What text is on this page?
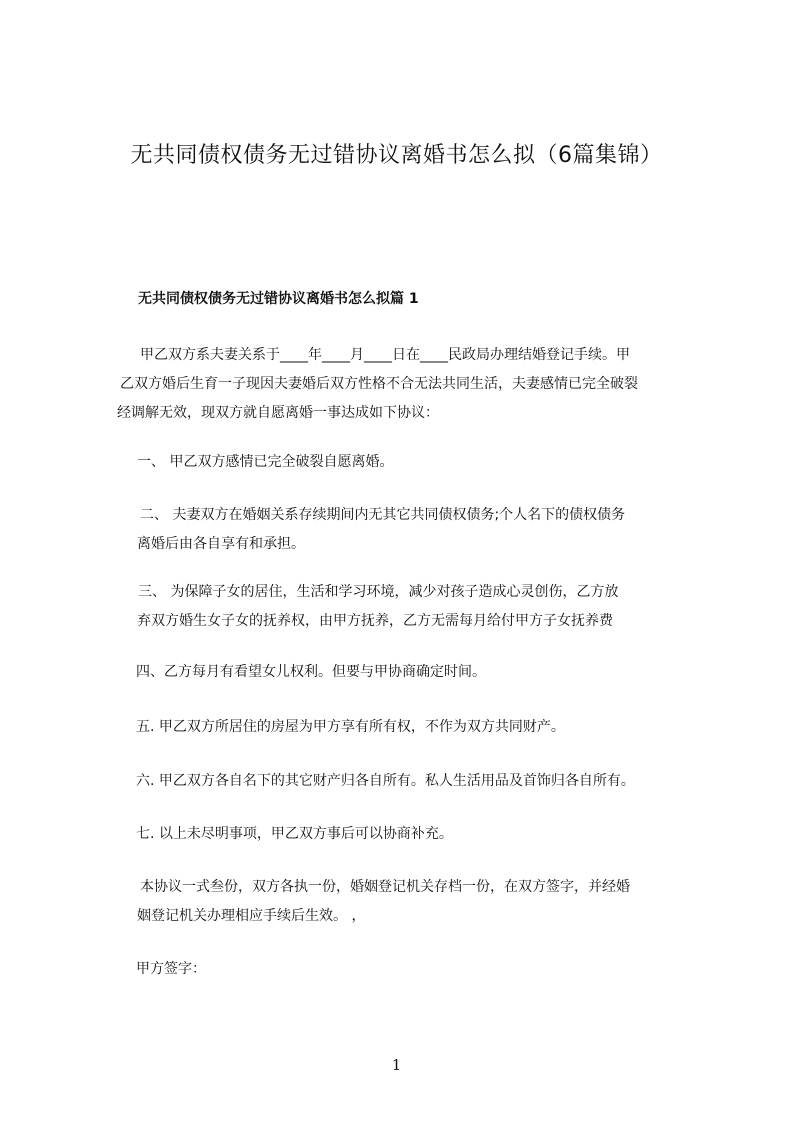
无共同债权债务无过错协议离婚书怎么拟（6篇集锦）
无共同债权债务无过错协议离婚书怎么拟篇 1
甲乙双方系夫妻关系于____年____月____日在____民政局办理结婚登记手续。甲
乙双方婚后生育一子现因夫妻婚后双方性格不合无法共同生活，夫妻感情已完全破裂
经调解无效，现双方就自愿离婚一事达成如下协议：
一、 甲乙双方感情已完全破裂自愿离婚。
二、 夫妻双方在婚姻关系存续期间内无其它共同债权债务;个人名下的债权债务
离婚后由各自享有和承担。
三、 为保障子女的居住，生活和学习环境，减少对孩子造成心灵创伤，乙方放
弃双方婚生女子女的抚养权，由甲方抚养，乙方无需每月给付甲方子女抚养费
四、乙方每月有看望女儿权利。但要与甲协商确定时间。
五. 甲乙双方所居住的房屋为甲方享有所有权，不作为双方共同财产。
六. 甲乙双方各自名下的其它财产归各自所有。私人生活用品及首饰归各自所有。
七. 以上未尽明事项，甲乙双方事后可以协商补充。
本协议一式叁份，双方各执一份，婚姻登记机关存档一份，在双方签字，并经婚
姻登记机关办理相应手续后生效。 ，
甲方签字：
1
